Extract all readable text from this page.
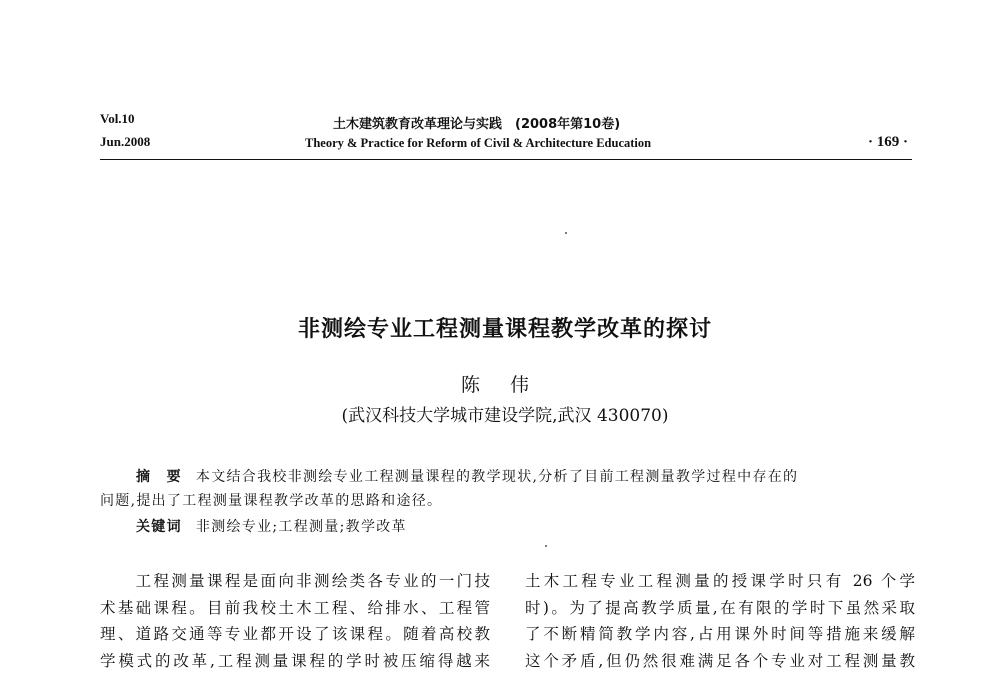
Vol.10
Jun.2008
土木建筑教育改革理论与实践　(2008年第10卷)
Theory & Practice for Reform of Civil & Architecture Education	· 169 ·
非测绘专业工程测量课程教学改革的探讨
陈伟
(武汉科技大学城市建设学院,武汉 430070)
摘　要 本文结合我校非测绘专业工程测量课程的教学现状,分析了目前工程测量教学过程中存在的
问题,提出了工程测量课程教学改革的思路和途径。
关键词 非测绘专业;工程测量;教学改革
　　工程测量课程是面向非测绘类各专业的一门技
术基础课程。目前我校土木工程、给排水、工程管
理、道路交通等专业都开设了该课程。随着高校教
学模式的改革,工程测量课程的学时被压缩得越来
土木工程专业工程测量的授课学时只有 26 个学
时)。为了提高教学质量,在有限的学时下虽然采取
了不断精简教学内容,占用课外时间等措施来缓解
这个矛盾,但仍然很难满足各个专业对工程测量教
